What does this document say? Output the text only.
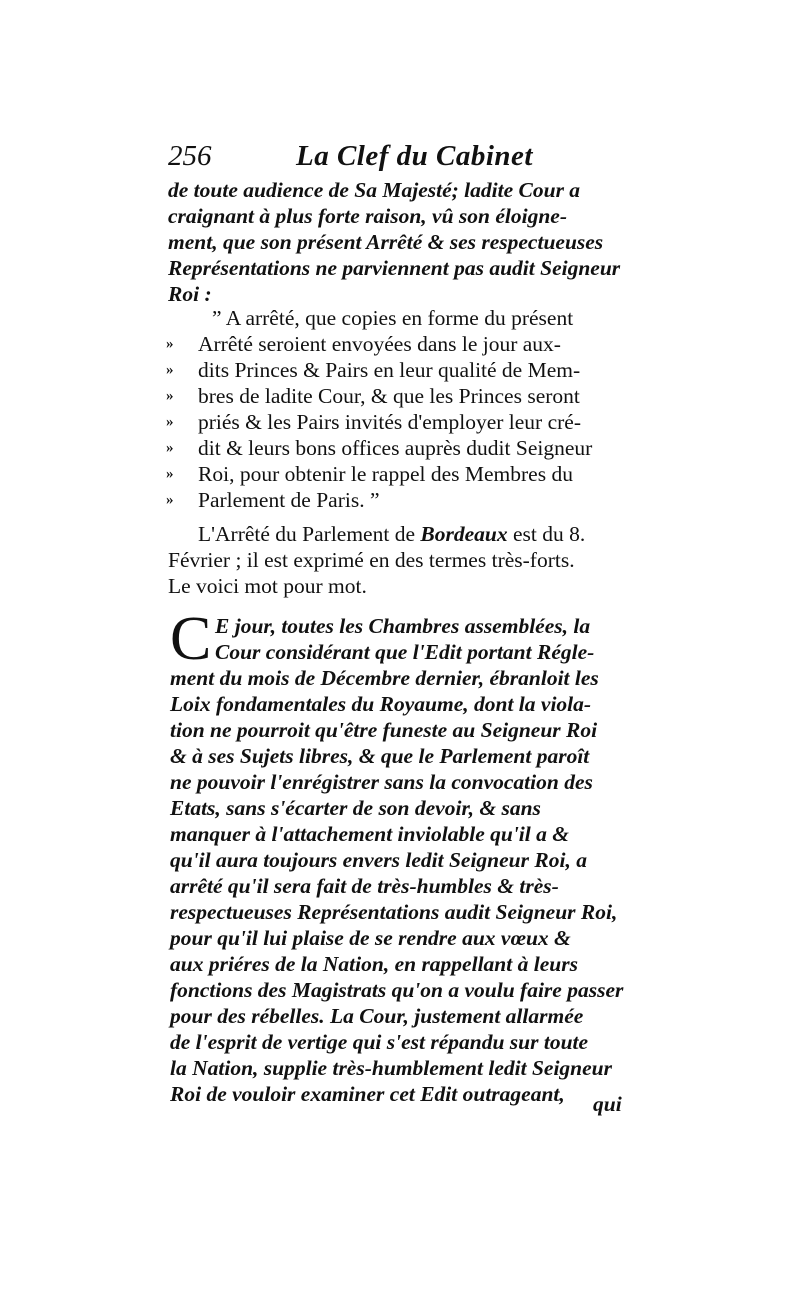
256	La Clef du Cabinet
de toute audience de Sa Majesté; ladite Cour a
craignant à plus forte raison, vû son éloigne-
ment, que son présent Arrêté & ses respectueuses
Représentations ne parviennent pas audit Seigneur
Roi :
” A arrêté, que copies en forme du présent
Arrêté seroient envoyées dans le jour aux-
dits Princes & Pairs en leur qualité de Mem-
bres de ladite Cour, & que les Princes seront
priés & les Pairs invités d'employer leur cré-
dit & leurs bons offices auprès dudit Seigneur
Roi, pour obtenir le rappel des Membres du
Parlement de Paris. ”
»
»
»
»
»
»
»
L'Arrêté du Parlement de Bordeaux est du 8.
Février ; il est exprimé en des termes très-forts.
Le voici mot pour mot.
C E jour, toutes les Chambres assemblées, la
Cour considérant que l'Edit portant Régle-
ment du mois de Décembre dernier, ébranloit les
Loix fondamentales du Royaume, dont la viola-
tion ne pourroit qu'être funeste au Seigneur Roi
& à ses Sujets libres, & que le Parlement paroît
ne pouvoir l'enrégistrer sans la convocation des
Etats, sans s'écarter de son devoir, & sans
manquer à l'attachement inviolable qu'il a &
qu'il aura toujours envers ledit Seigneur Roi, a
arrêté qu'il sera fait de très-humbles & très-
respectueuses Représentations audit Seigneur Roi,
pour qu'il lui plaise de se rendre aux vœux &
aux priéres de la Nation, en rappellant à leurs
fonctions des Magistrats qu'on a voulu faire passer
pour des rébelles. La Cour, justement allarmée
de l'esprit de vertige qui s'est répandu sur toute
la Nation, supplie très-humblement ledit Seigneur
Roi de vouloir examiner cet Edit outrageant, qui
